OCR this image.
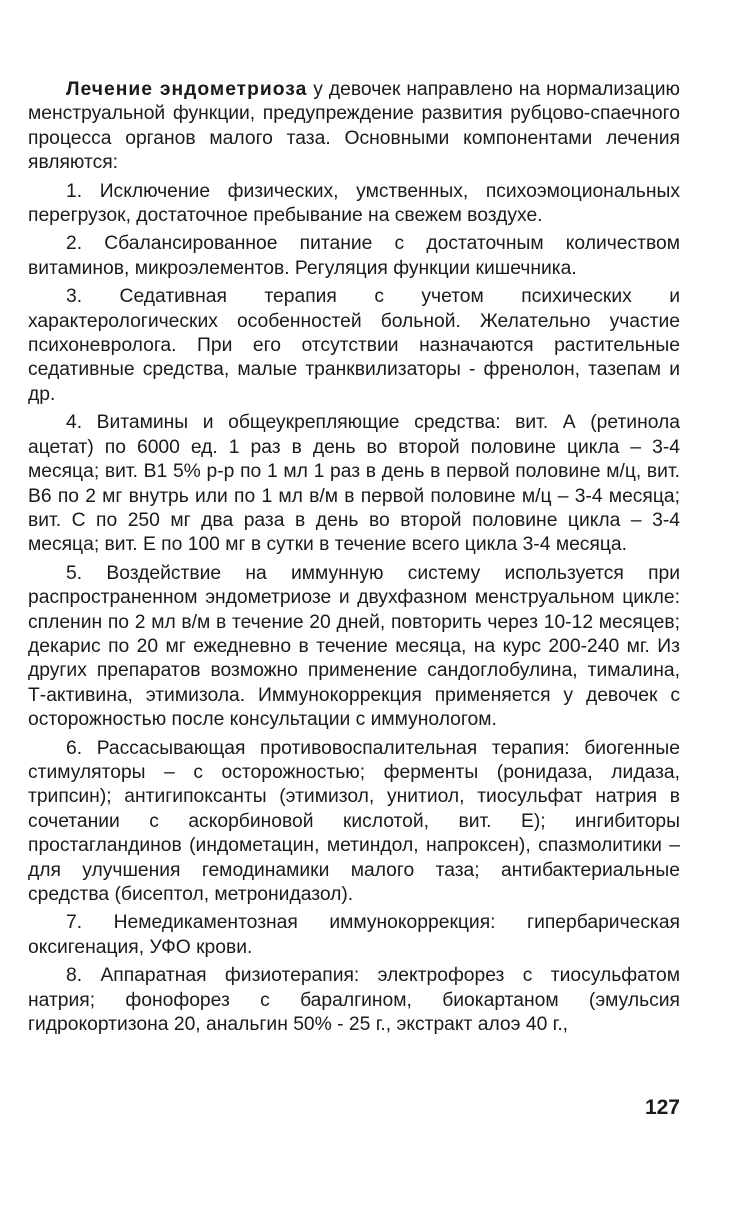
Лечение эндометриоза у девочек направлено на нормализацию менструальной функции, предупреждение развития рубцово-спаечного процесса органов малого таза. Основными компонентами лечения являются:

1. Исключение физических, умственных, психоэмоциональных перегрузок, достаточное пребывание на свежем воздухе.

2. Сбалансированное питание с достаточным количеством витаминов, микроэлементов. Регуляция функции кишечника.

3. Седативная терапия с учетом психических и характерологических особенностей больной. Желательно участие психоневролога. При его отсутствии назначаются растительные седативные средства, малые транквилизаторы - френолон, тазепам и др.

4. Витамины и общеукрепляющие средства: вит. А (ретинола ацетат) по 6000 ед. 1 раз в день во второй половине цикла – 3-4 месяца; вит. В1 5% р-р по 1 мл 1 раз в день в первой половине м/ц, вит. В6 по 2 мг внутрь или по 1 мл в/м в первой половине м/ц – 3-4 месяца; вит. С по 250 мг два раза в день во второй половине цикла – 3-4 месяца; вит. Е по 100 мг в сутки в течение всего цикла 3-4 месяца.

5. Воздействие на иммунную систему используется при распространенном эндометриозе и двухфазном менструальном цикле: спленин по 2 мл в/м в течение 20 дней, повторить через 10-12 месяцев; декарис по 20 мг ежедневно в течение месяца, на курс 200-240 мг. Из других препаратов возможно применение сандоглобулина, тималина, Т-активина, этимизола. Иммунокоррекция применяется у девочек с осторожностью после консультации с иммунологом.

6. Рассасывающая противовоспалительная терапия: биогенные стимуляторы – с осторожностью; ферменты (ронидаза, лидаза, трипсин); антигипоксанты (этимизол, унитиол, тиосульфат натрия в сочетании с аскорбиновой кислотой, вит. Е); ингибиторы простагландинов (индометацин, метиндол, напроксен), спазмолитики – для улучшения гемодинамики малого таза; антибактериальные средства (бисептол, метронидазол).

7. Немедикаментозная иммунокоррекция: гипербарическая оксигенация, УФО крови.

8. Аппаратная физиотерапия: электрофорез с тиосульфатом натрия; фонофорез с баралгином, биокартаном (эмульсия гидрокортизона 20, анальгин 50% - 25 г., экстракт алоэ 40 г.,

127
